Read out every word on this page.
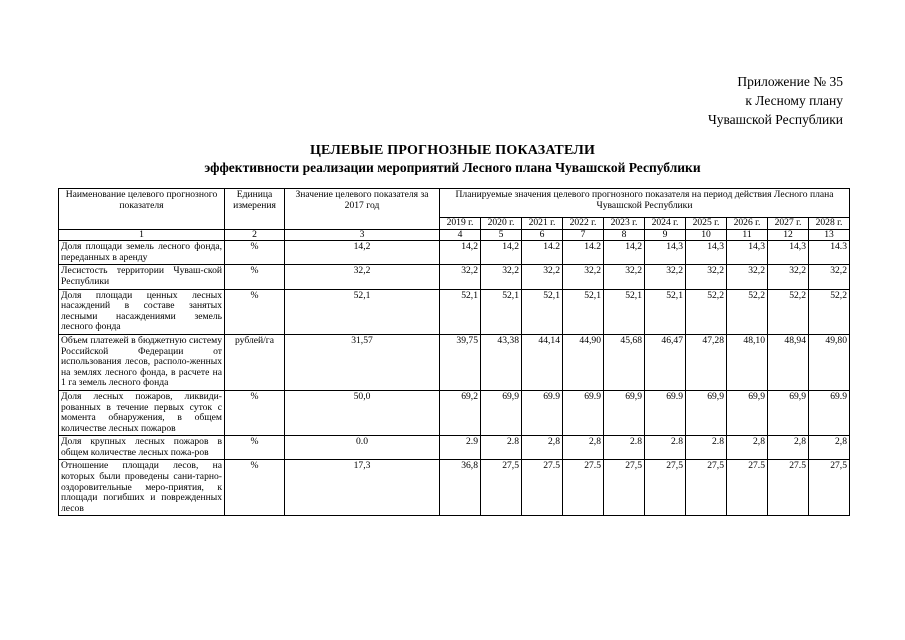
Приложение № 35
к Лесному плану
Чувашской Республики
ЦЕЛЕВЫЕ ПРОГНОЗНЫЕ ПОКАЗАТЕЛИ
эффективности реализации мероприятий Лесного плана Чувашской Республики
Наименование целевого прогнозного показателя	Единица измерения	Значение целевого показателя за 2017 год	Планируемые значения целевого прогнозного показателя на период действия Лесного плана Чувашской Республики									
			2019 г.	2020 г.	2021 г.	2022 г.	2023 г.	2024 г.	2025 г.	2026 г.	2027 г.	2028 г.
1	2	3	4	5	6	7	8	9	10	11	12	13
Доля площади земель лесного фонда, переданных в аренду	%	14,2	14,2	14,2	14.2	14.2	14,2	14,3	14,3	14,3	14,3	14.3
Лесистость территории Чуваш-ской Республики	%	32,2	32,2	32,2	32,2	32,2	32,2	32,2	32,2	32,2	32,2	32,2
Доля площади ценных лесных насаждений в составе занятых лесными насаждениями земель лесного фонда	%	52,1	52,1	52,1	52,1	52,1	52,1	52,1	52,2	52,2	52,2	52,2
Объем платежей в бюджетную систему Российской Федерации от использования лесов, располо-женных на землях лесного фонда, в расчете на 1 га земель лесного фонда	рублей/га	31,57	39,75	43,38	44,14	44,90	45,68	46,47	47,28	48,10	48,94	49,80
Доля лесных пожаров, ликвиди-рованных в течение первых суток с момента обнаружения, в общем количестве лесных пожаров	%	50,0	69,2	69,9	69.9	69.9	69,9	69.9	69,9	69,9	69,9	69.9
Доля крупных лесных пожаров в общем количестве лесных пожа-ров	%	0.0	2.9	2.8	2,8	2,8	2.8	2.8	2.8	2,8	2,8	2,8
Отношение площади лесов, на которых были проведены сани-тарно-оздоровительные меро-приятия, к площади погибших и поврежденных лесов	%	17,3	36,8	27,5	27.5	27.5	27,5	27,5	27,5	27.5	27.5	27,5
